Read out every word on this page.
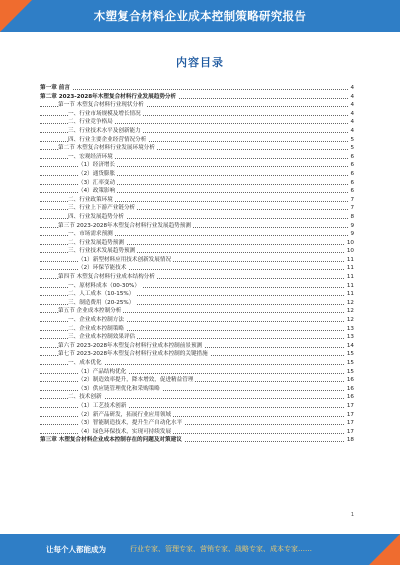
木塑复合材料企业成本控制策略研究报告
内容目录
第一章 前言	4
第二章 2023-2028年木塑复合材料行业发展趋势分析	4
第一节 木塑复合材料行业现状分析	4
一、行业市场规模及增长情况	4
二、行业竞争格局	4
三、行业技术水平及创新能力	4
四、行业主要企业经营情况分析	5
第二节 木塑复合材料行业发展环境分析	5
一、宏观经济环境	6
（1）经济增长	6
（2）通货膨胀	6
（3）汇率变动	6
（4）政策影响	6
二、行业政策环境	7
三、行业上下游产业链分析	7
四、行业发展趋势分析	8
第三节 2023-2028年木塑复合材料行业发展趋势预测	9
一、市场需求预测	9
二、行业发展趋势预测	10
三、行业技术发展趋势预测	10
（1）新型材料应用技术创新发展情况	11
（2）环保节能技术	11
第四节 木塑复合材料行业成本结构分析	11
一、原材料成本（00-30%）	11
二、人工成本（10-15%）	11
三、制造费用（20-25%）	12
第五节 企业成本控制分析	12
一、企业成本控制方法	12
二、企业成本控制策略	13
三、企业成本控制效果评估	13
第六节 2023-2028年木塑复合材料行业成本控制前景预测	14
第七节 2023-2028年木塑复合材料行业成本控制的关键措施	15
一、成本优化	15
（1）产品结构优化	15
（2）制造效率提升，降本增效，促进精益管理	16
（3）供应链管理优化和采购策略	16
二、技术创新	16
（1）工艺技术创新	17
（2）新产品研发，拓展行业应用领域	17
（3）智能制造技术，提升生产自动化水平	17
（4）绿色环保技术，实现可持续发展	17
第三章 木塑复合材料企业成本控制存在的问题及对策建议	18
1
让每个人都能成为	行业专家、管理专家、营销专家、战略专家、成本专家……
